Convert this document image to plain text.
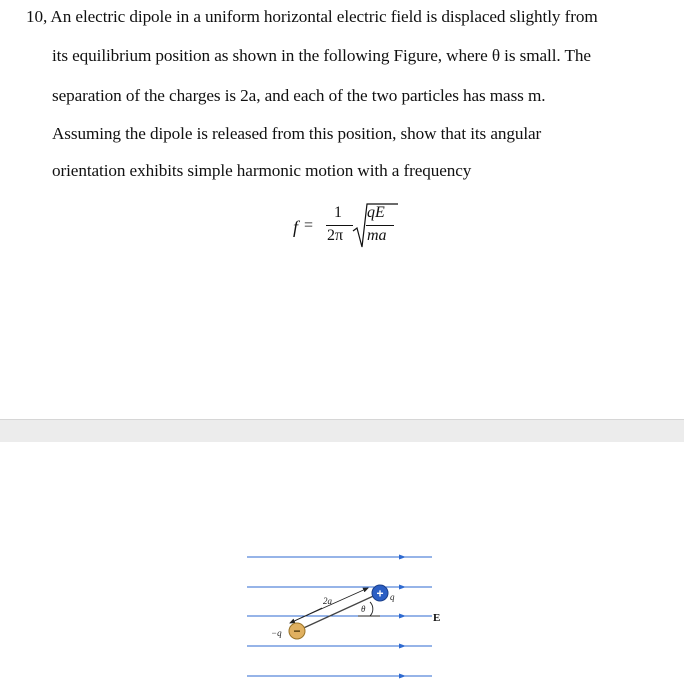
10, An electric dipole in a uniform horizontal electric field is displaced slightly from
its equilibrium position as shown in the following Figure, where θ is small. The
separation of the charges is 2a, and each of the two particles has mass m.
Assuming the dipole is released from this position, show that its angular
orientation exhibits simple harmonic motion with a frequency
f =
1
2π
qE
ma
2a
θ
+ q
−
−q
E
